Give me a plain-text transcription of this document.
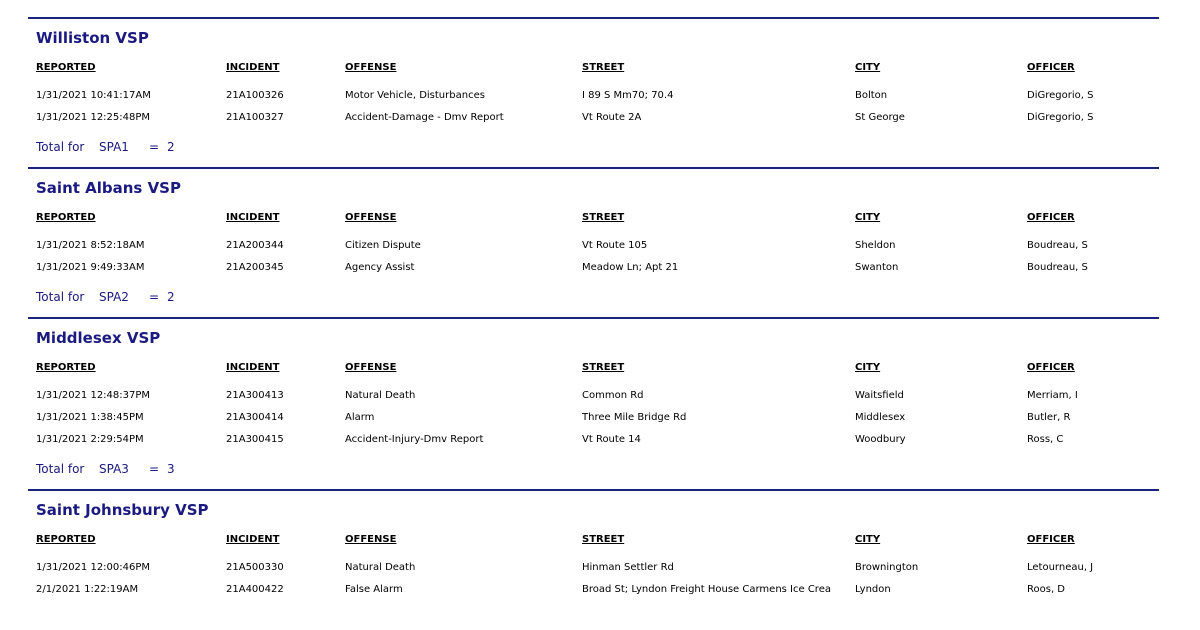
Williston VSP
REPORTED	INCIDENT	OFFENSE	STREET	CITY	OFFICER
1/31/2021 10:41:17AM	21A100326	Motor Vehicle, Disturbances	I 89 S Mm70; 70.4	Bolton	DiGregorio, S
1/31/2021 12:25:48PM	21A100327	Accident-Damage - Dmv Report	Vt Route 2A	St George	DiGregorio, S
Total for SPA1 = 2
Saint Albans VSP
REPORTED	INCIDENT	OFFENSE	STREET	CITY	OFFICER
1/31/2021 8:52:18AM	21A200344	Citizen Dispute	Vt Route 105	Sheldon	Boudreau, S
1/31/2021 9:49:33AM	21A200345	Agency Assist	Meadow Ln; Apt 21	Swanton	Boudreau, S
Total for SPA2 = 2
Middlesex VSP
REPORTED	INCIDENT	OFFENSE	STREET	CITY	OFFICER
1/31/2021 12:48:37PM	21A300413	Natural Death	Common Rd	Waitsfield	Merriam, I
1/31/2021 1:38:45PM	21A300414	Alarm	Three Mile Bridge Rd	Middlesex	Butler, R
1/31/2021 2:29:54PM	21A300415	Accident-Injury-Dmv Report	Vt Route 14	Woodbury	Ross, C
Total for SPA3 = 3
Saint Johnsbury VSP
REPORTED	INCIDENT	OFFENSE	STREET	CITY	OFFICER
1/31/2021 12:00:46PM	21A500330	Natural Death	Hinman Settler Rd	Brownington	Letourneau, J
2/1/2021 1:22:19AM	21A400422	False Alarm	Broad St; Lyndon Freight House Carmens Ice Crea	Lyndon	Roos, D
